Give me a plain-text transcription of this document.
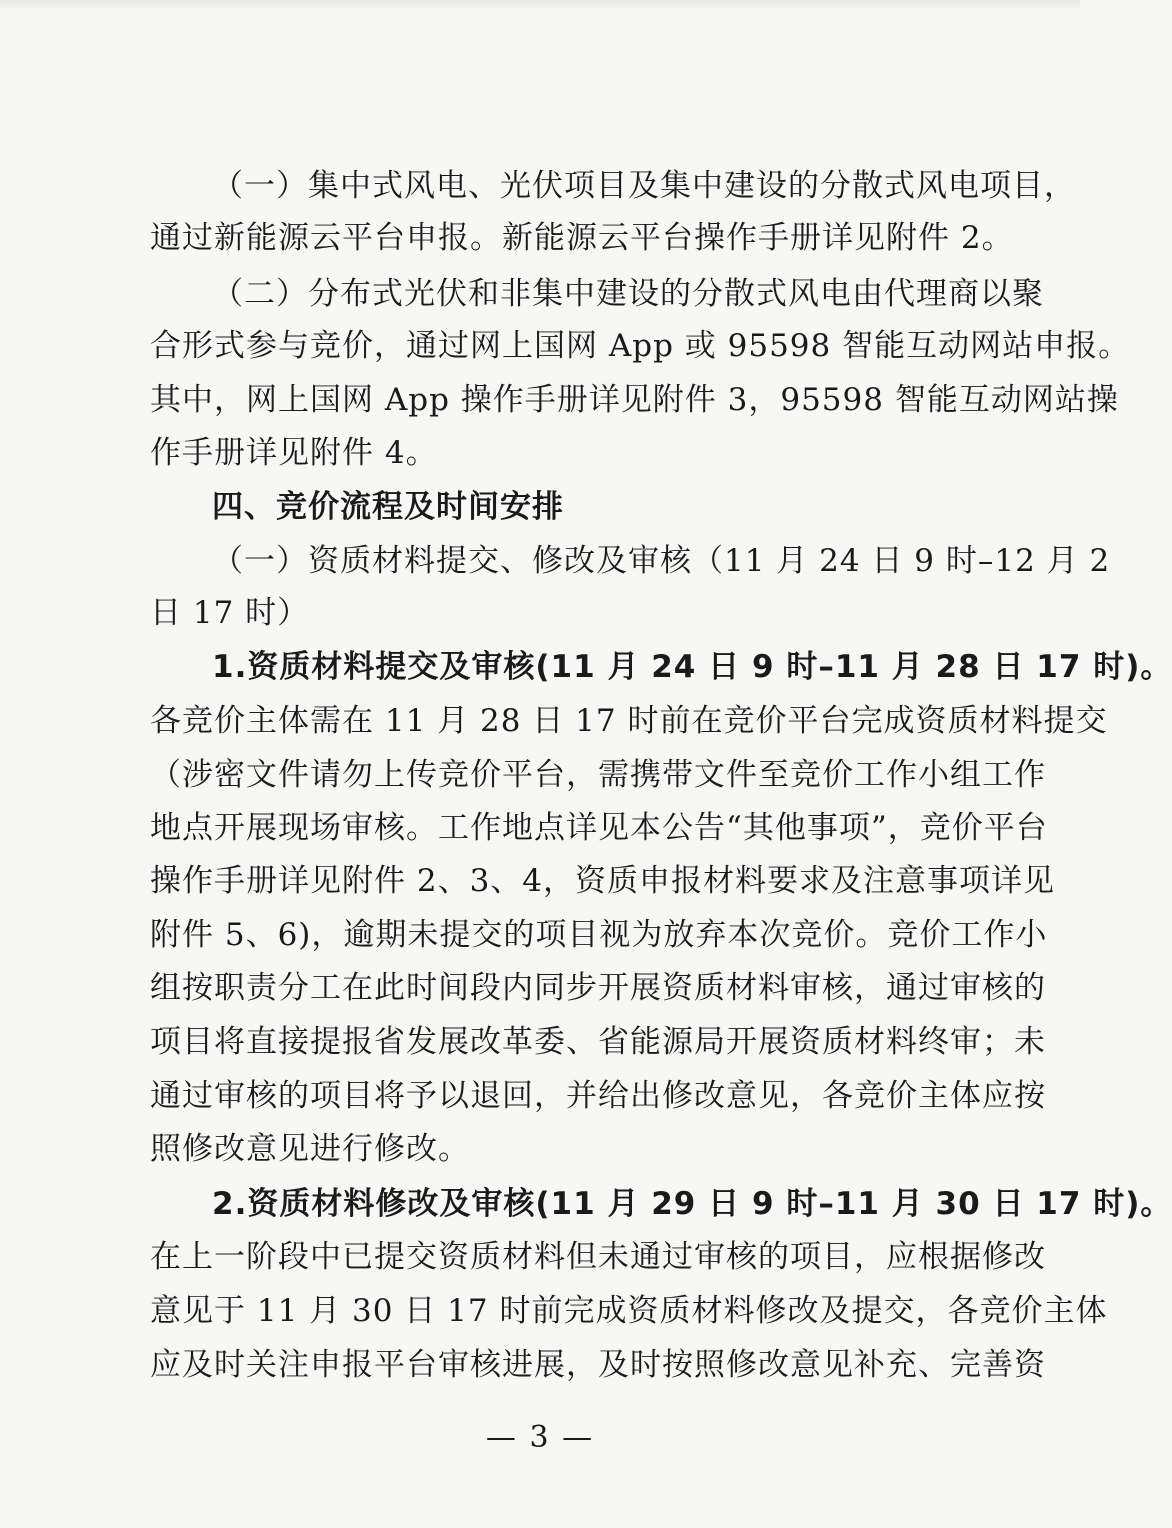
（一）集中式风电、光伏项目及集中建设的分散式风电项目，
通过新能源云平台申报。新能源云平台操作手册详见附件 2。
（二）分布式光伏和非集中建设的分散式风电由代理商以聚
合形式参与竞价，通过网上国网 App 或 95598 智能互动网站申报。
其中，网上国网 App 操作手册详见附件 3，95598 智能互动网站操
作手册详见附件 4。
四、竞价流程及时间安排
（一）资质材料提交、修改及审核（11 月 24 日 9 时–12 月 2
日 17 时）
1.资质材料提交及审核(11 月 24 日 9 时–11 月 28 日 17 时)。
各竞价主体需在 11 月 28 日 17 时前在竞价平台完成资质材料提交
（涉密文件请勿上传竞价平台，需携带文件至竞价工作小组工作
地点开展现场审核。工作地点详见本公告“其他事项”，竞价平台
操作手册详见附件 2、3、4，资质申报材料要求及注意事项详见
附件 5、6)，逾期未提交的项目视为放弃本次竞价。竞价工作小
组按职责分工在此时间段内同步开展资质材料审核，通过审核的
项目将直接提报省发展改革委、省能源局开展资质材料终审；未
通过审核的项目将予以退回，并给出修改意见，各竞价主体应按
照修改意见进行修改。
2.资质材料修改及审核(11 月 29 日 9 时–11 月 30 日 17 时)。
在上一阶段中已提交资质材料但未通过审核的项目，应根据修改
意见于 11 月 30 日 17 时前完成资质材料修改及提交，各竞价主体
应及时关注申报平台审核进展，及时按照修改意见补充、完善资
— 3 —
